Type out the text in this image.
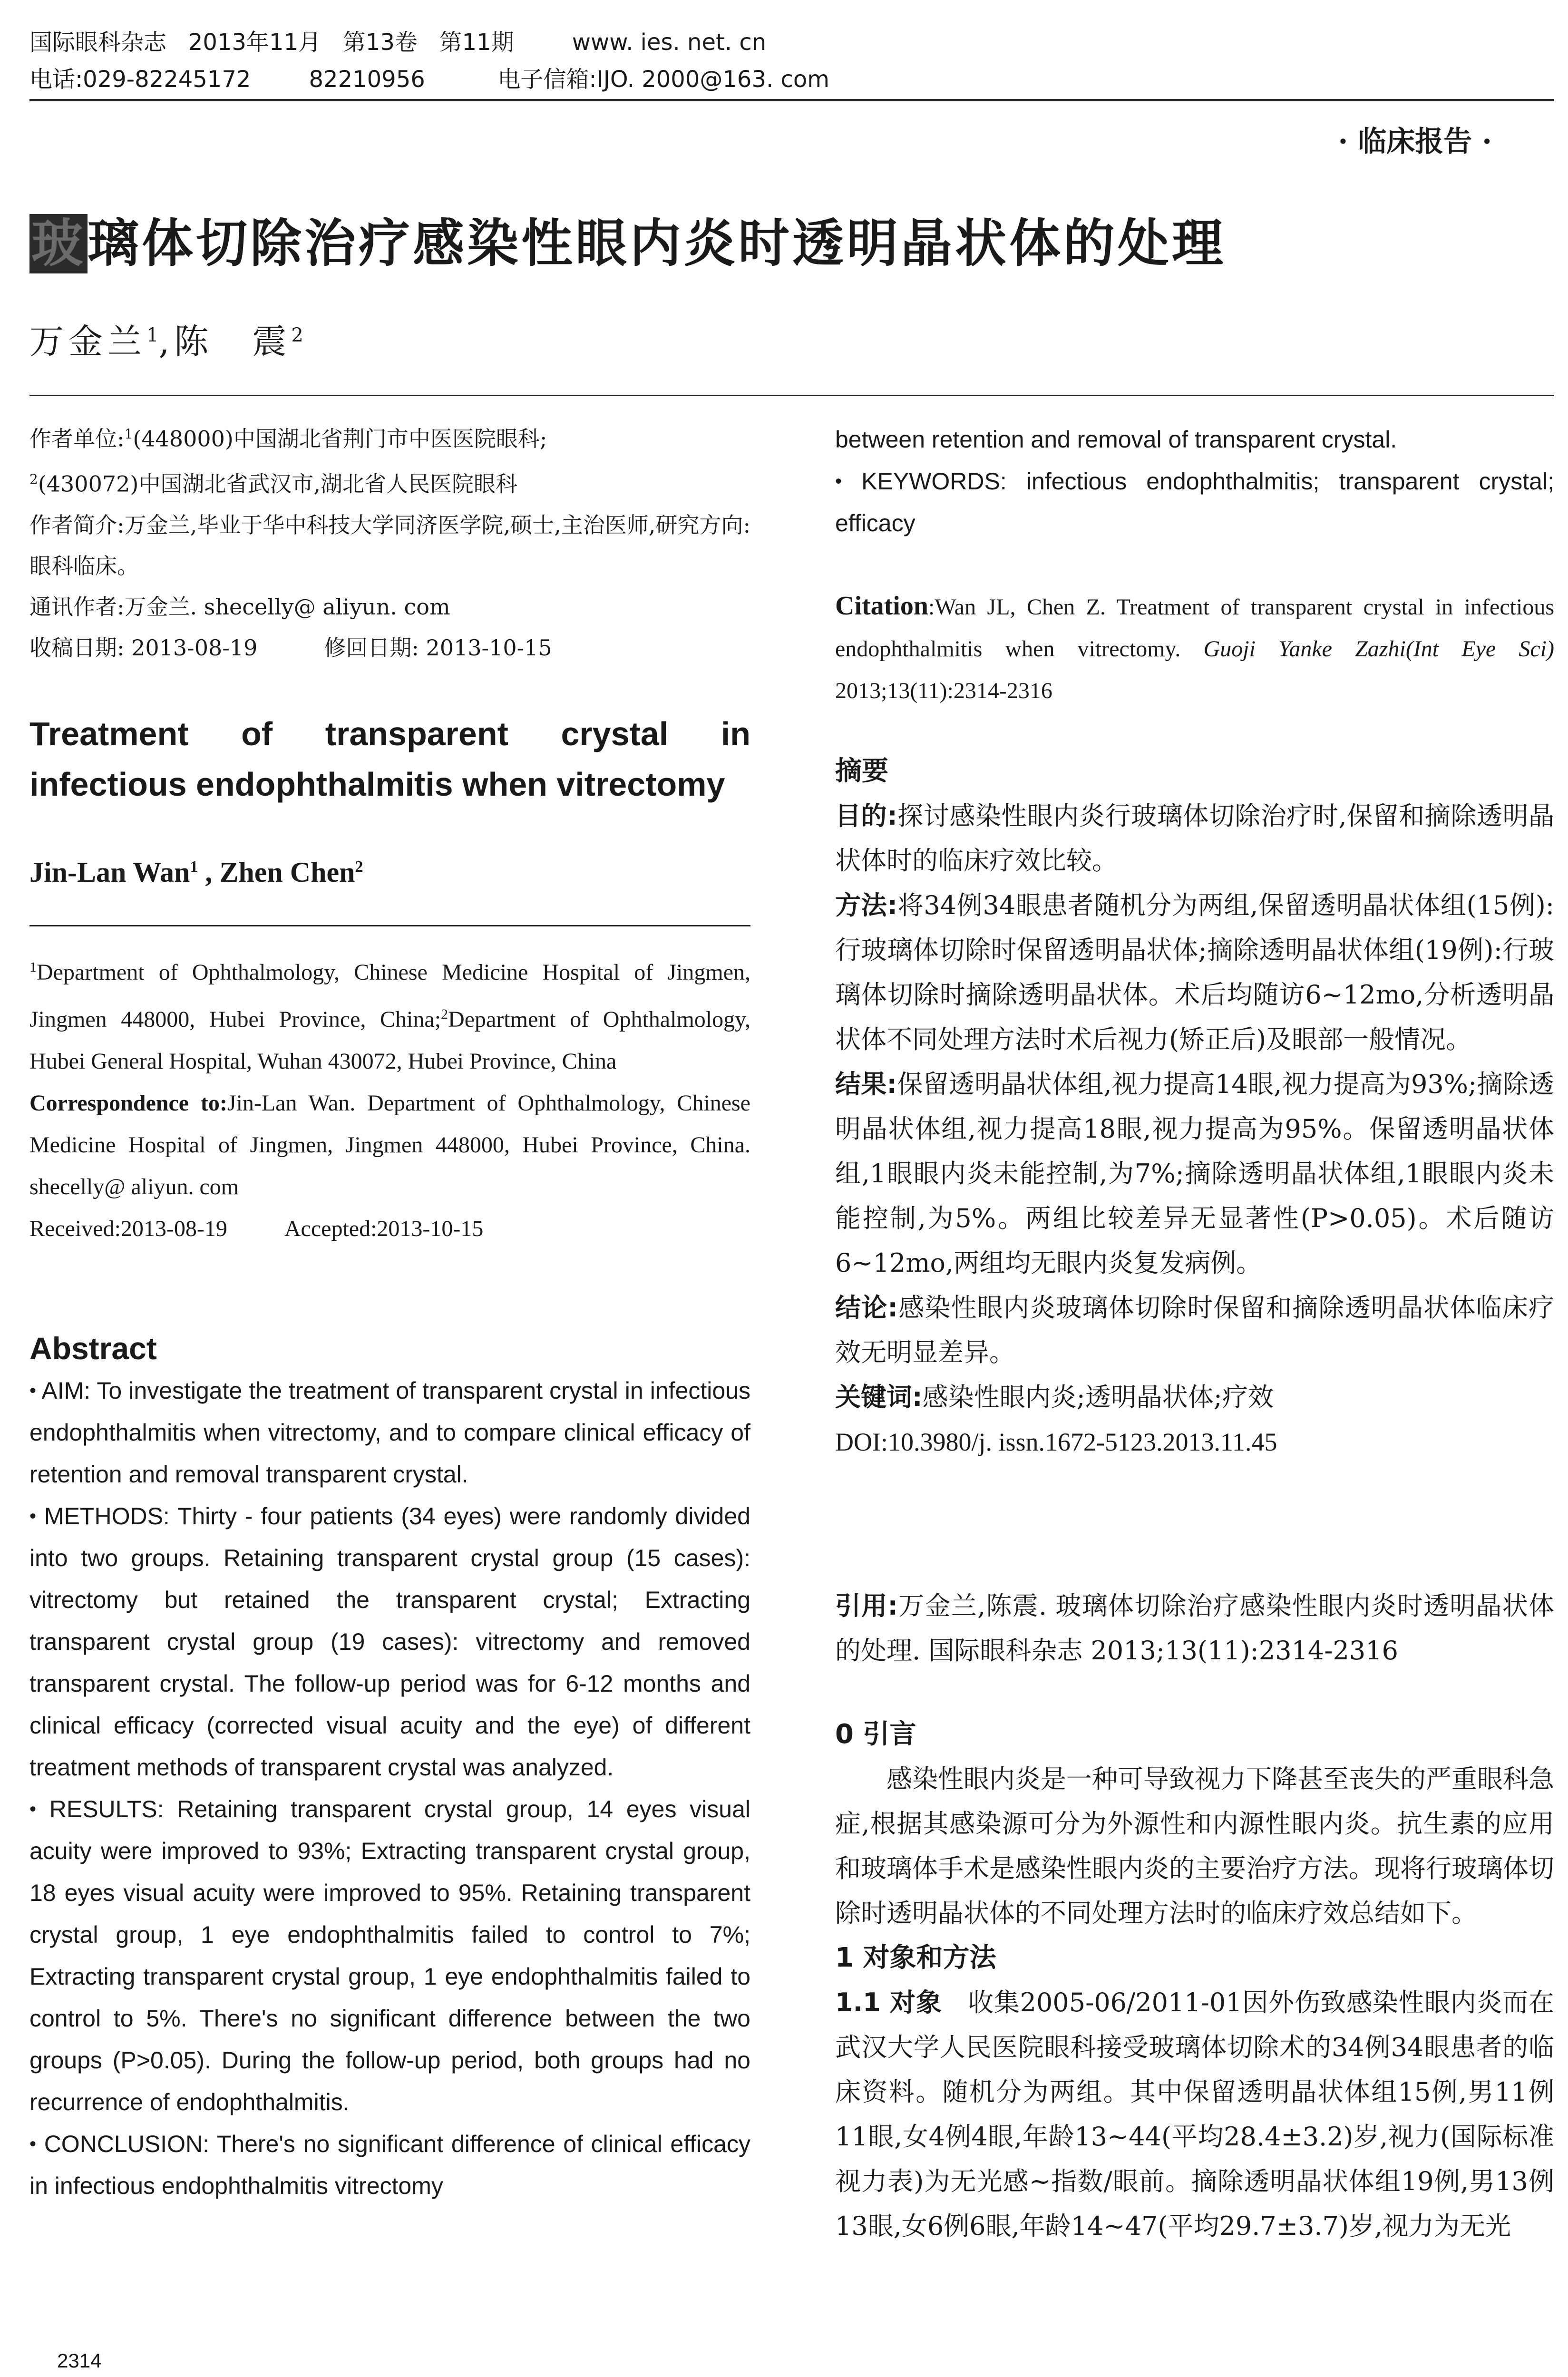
国际眼科杂志   2013年11月   第13卷   第11期        www. ies. net. cn
电话:029-82245172        82210956          电子信箱:IJO. 2000@163. com
· 临床报告 ·
玻璃体切除治疗感染性眼内炎时透明晶状体的处理
万金兰$^1$,陈　震$^2$

作者单位:$^1$(448000)中国湖北省荆门市中医医院眼科;

$^2$(430072)中国湖北省武汉市,湖北省人民医院眼科

作者简介:万金兰,毕业于华中科技大学同济医学院,硕士,主治医师,研究方向:眼科临床。

通讯作者:万金兰. shecelly@ aliyun. com

收稿日期: 2013-08-19	修回日期: 2013-10-15

Treatment of transparent crystal in
infectious endophthalmitis when vitrectomy
Jin-Lan Wan$^1$ , Zhen Chen$^2$

$^1$Department of Ophthalmology, Chinese Medicine Hospital of Jingmen, Jingmen 448000, Hubei Province, China;$^2$Department of Ophthalmology, Hubei General Hospital, Wuhan 430072, Hubei Province, China

Correspondence to:Jin-Lan Wan. Department of Ophthalmology, Chinese Medicine Hospital of Jingmen, Jingmen 448000, Hubei Province, China. shecelly@ aliyun. com

Received:2013-08-19	Accepted:2013-10-15

Abstract

• AIM: To investigate the treatment of transparent crystal in infectious endophthalmitis when vitrectomy, and to compare clinical efficacy of retention and removal transparent crystal.

• METHODS: Thirty - four patients (34 eyes) were randomly divided into two groups. Retaining transparent crystal group (15 cases): vitrectomy but retained the transparent crystal; Extracting transparent crystal group (19 cases): vitrectomy and removed transparent crystal. The follow-up period was for 6-12 months and clinical efficacy (corrected visual acuity and the eye) of different treatment methods of transparent crystal was analyzed.

• RESULTS: Retaining transparent crystal group, 14 eyes visual acuity were improved to 93%; Extracting transparent crystal group, 18 eyes visual acuity were improved to 95%. Retaining transparent crystal group, 1 eye endophthalmitis failed to control to 7%; Extracting transparent crystal group, 1 eye endophthalmitis failed to control to 5%. There's no significant difference between the two groups (P>0.05). During the follow-up period, both groups had no recurrence of endophthalmitis.

• CONCLUSION: There's no significant difference of clinical efficacy in infectious endophthalmitis vitrectomy

between retention and removal of transparent crystal.

• KEYWORDS: infectious endophthalmitis; transparent crystal; efficacy

Citation:Wan JL, Chen Z. Treatment of transparent crystal in infectious endophthalmitis when vitrectomy. Guoji Yanke Zazhi(Int Eye Sci) 2013;13(11):2314-2316

摘要

目的:探讨感染性眼内炎行玻璃体切除治疗时,保留和摘除透明晶状体时的临床疗效比较。

方法:将34例34眼患者随机分为两组,保留透明晶状体组(15例):行玻璃体切除时保留透明晶状体;摘除透明晶状体组(19例):行玻璃体切除时摘除透明晶状体。术后均随访6~12mo,分析透明晶状体不同处理方法时术后视力(矫正后)及眼部一般情况。

结果:保留透明晶状体组,视力提高14眼,视力提高为93%;摘除透明晶状体组,视力提高18眼,视力提高为95%。保留透明晶状体组,1眼眼内炎未能控制,为7%;摘除透明晶状体组,1眼眼内炎未能控制,为5%。两组比较差异无显著性(P>0.05)。术后随访6~12mo,两组均无眼内炎复发病例。

结论:感染性眼内炎玻璃体切除时保留和摘除透明晶状体临床疗效无明显差异。

关键词:感染性眼内炎;透明晶状体;疗效

DOI:10.3980/j. issn.1672-5123.2013.11.45

引用:万金兰,陈震. 玻璃体切除治疗感染性眼内炎时透明晶状体的处理. 国际眼科杂志 2013;13(11):2314-2316

0 引言

感染性眼内炎是一种可导致视力下降甚至丧失的严重眼科急症,根据其感染源可分为外源性和内源性眼内炎。抗生素的应用和玻璃体手术是感染性眼内炎的主要治疗方法。现将行玻璃体切除时透明晶状体的不同处理方法时的临床疗效总结如下。

1 对象和方法

1.1 对象　收集2005-06/2011-01因外伤致感染性眼内炎而在武汉大学人民医院眼科接受玻璃体切除术的34例34眼患者的临床资料。随机分为两组。其中保留透明晶状体组15例,男11例11眼,女4例4眼,年龄13~44(平均28.4±3.2)岁,视力(国际标准视力表)为无光感~指数/眼前。摘除透明晶状体组19例,男13例13眼,女6例6眼,年龄14~47(平均29.7±3.7)岁,视力为无光

2314
